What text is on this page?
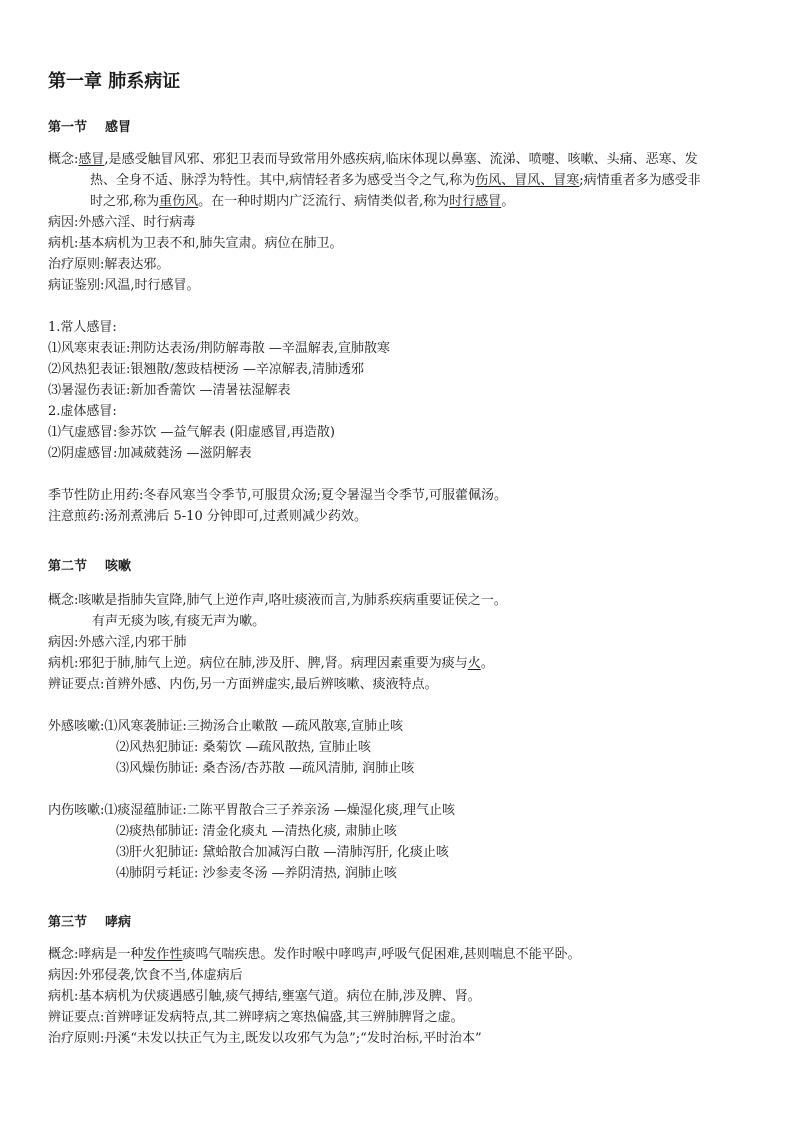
第一章 肺系病证
第一节 感冒
概念:感冒,是感受触冒风邪、邪犯卫表而导致常用外感疾病,临床体现以鼻塞、流涕、喷嚏、咳嗽、头痛、恶寒、发
热、全身不适、脉浮为特性。其中,病情轻者多为感受当令之气,称为伤风、冒风、冒寒;病情重者多为感受非
时之邪,称为重伤风。在一种时期内广泛流行、病情类似者,称为时行感冒。
病因:外感六淫、时行病毒
病机:基本病机为卫表不和,肺失宣肃。病位在肺卫。
治疗原则:解表达邪。
病证鉴别:风温,时行感冒。
1.常人感冒:
⑴风寒束表证:荆防达表汤/荆防解毒散 —辛温解表,宣肺散寒
⑵风热犯表证:银翘散/葱豉桔梗汤 —辛凉解表,清肺透邪
⑶暑湿伤表证:新加香薷饮 —清暑祛湿解表
2.虚体感冒:
⑴气虚感冒:参苏饮 —益气解表 (阳虚感冒,再造散)
⑵阴虚感冒:加减葳蕤汤 —滋阴解表
季节性防止用药:冬春风寒当令季节,可服贯众汤;夏令暑湿当令季节,可服藿佩汤。
注意煎药:汤剂煮沸后 5-10 分钟即可,过煮则减少药效。
第二节 咳嗽
概念:咳嗽是指肺失宣降,肺气上逆作声,咯吐痰液而言,为肺系疾病重要证侯之一。
有声无痰为咳,有痰无声为嗽。
病因:外感六淫,内邪干肺
病机:邪犯于肺,肺气上逆。病位在肺,涉及肝、脾,肾。病理因素重要为痰与火。
辨证要点:首辨外感、内伤,另一方面辨虚实,最后辨咳嗽、痰液特点。
外感咳嗽:⑴风寒袭肺证:三拗汤合止嗽散 —疏风散寒,宣肺止咳
⑵风热犯肺证: 桑菊饮 —疏风散热, 宣肺止咳
⑶风燥伤肺证: 桑杏汤/杏苏散 —疏风清肺, 润肺止咳
内伤咳嗽:⑴痰湿蕴肺证:二陈平胃散合三子养亲汤 —燥湿化痰,理气止咳
⑵痰热郁肺证: 清金化痰丸 —清热化痰, 肃肺止咳
⑶肝火犯肺证: 黛蛤散合加减泻白散 —清肺泻肝, 化痰止咳
⑷肺阴亏耗证: 沙参麦冬汤 —养阴清热, 润肺止咳
第三节 哮病
概念:哮病是一种发作性痰鸣气喘疾患。发作时喉中哮鸣声,呼吸气促困难,甚则喘息不能平卧。
病因:外邪侵袭,饮食不当,体虚病后
病机:基本病机为伏痰遇感引触,痰气搏结,壅塞气道。病位在肺,涉及脾、肾。
辨证要点:首辨哮证发病特点,其二辨哮病之寒热偏盛,其三辨肺脾肾之虚。
治疗原则:丹溪“未发以扶正气为主,既发以攻邪气为急”;“发时治标,平时治本”
